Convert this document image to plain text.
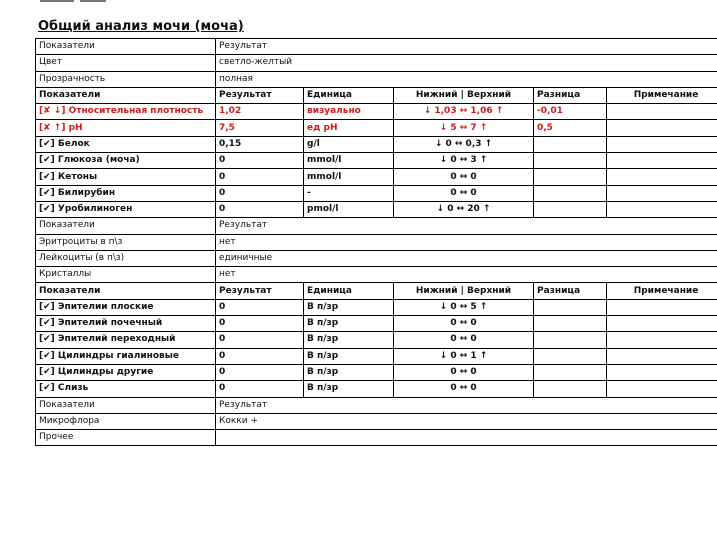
Общий анализ мочи (моча)
Показатели	Результат				
Цвет	светло-желтый				
Прозрачность	полная				
Показатели	Результат	Единица	Нижний | Верхний	Разница	Примечание
[✘ ↓] Относительная плотность	1,02	визуально	↓ 1,03 ↔ 1,06 ↑	-0,01	
[✘ ↑] pH	7,5	ед pH	↓ 5 ↔ 7 ↑	0,5	
[✔] Белок	0,15	g/l	↓ 0 ↔ 0,3 ↑		
[✔] Глюкоза (моча)	0	mmol/l	↓ 0 ↔ 3 ↑		
[✔] Кетоны	0	mmol/l	0 ↔ 0		
[✔] Билирубин	0	-	0 ↔ 0		
[✔] Уробилиноген	0	pmol/l	↓ 0 ↔ 20 ↑		
Показатели	Результат				
Эритроциты в п\з	нет				
Лейкоциты (в п\з)	единичные				
Кристаллы	нет				
Показатели	Результат	Единица	Нижний | Верхний	Разница	Примечание
[✔] Эпителии плоские	0	В п/зр	↓ 0 ↔ 5 ↑		
[✔] Эпителий почечный	0	В п/зр	0 ↔ 0		
[✔] Эпителий переходный	0	В п/зр	0 ↔ 0		
[✔] Цилиндры гиалиновые	0	В п/зр	↓ 0 ↔ 1 ↑		
[✔] Цилиндры другие	0	В п/зр	0 ↔ 0		
[✔] Слизь	0	В п/зр	0 ↔ 0		
Показатели	Результат				
Микрофлора	Кокки +				
Прочее					
